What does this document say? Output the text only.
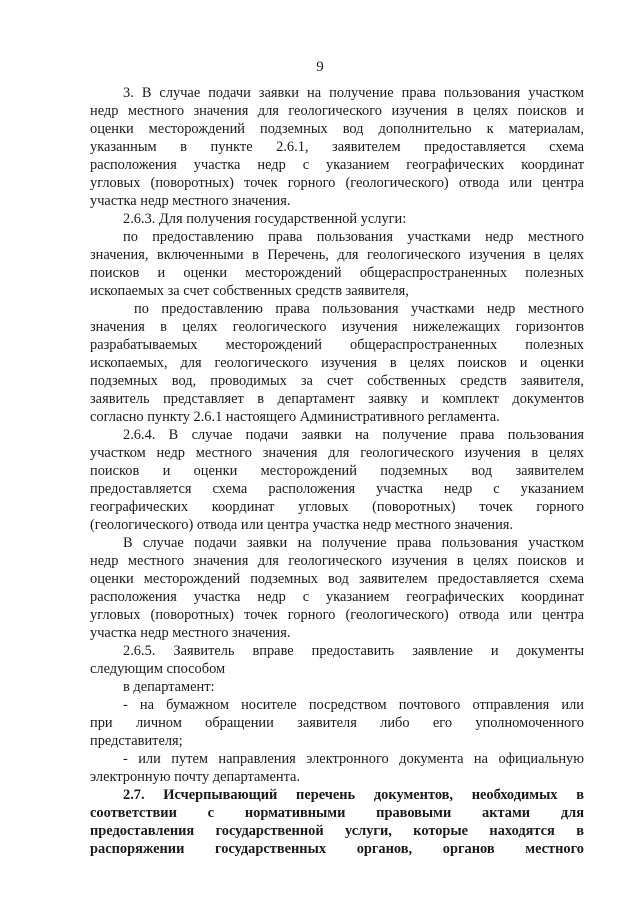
9
3. В случае подачи заявки на получение права пользования участком
недр местного значения для геологического изучения в целях поисков и
оценки месторождений подземных вод дополнительно к материалам,
указанным в пункте 2.6.1, заявителем предоставляется схема
расположения участка недр с указанием географических координат
угловых (поворотных) точек горного (геологического) отвода или центра
участка недр местного значения.
2.6.3. Для получения государственной услуги:
по предоставлению права пользования участками недр местного
значения, включенными в Перечень, для геологического изучения в целях
поисков и оценки месторождений общераспространенных полезных
ископаемых за счет собственных средств заявителя,
по предоставлению права пользования участками недр местного
значения в целях геологического изучения нижележащих горизонтов
разрабатываемых месторождений общераспространенных полезных
ископаемых, для геологического изучения в целях поисков и оценки
подземных вод, проводимых за счет собственных средств заявителя,
заявитель представляет в департамент заявку и комплект документов
согласно пункту 2.6.1 настоящего Административного регламента.
2.6.4. В случае подачи заявки на получение права пользования
участком недр местного значения для геологического изучения в целях
поисков и оценки месторождений подземных вод заявителем
предоставляется схема расположения участка недр с указанием
географических координат угловых (поворотных) точек горного
(геологического) отвода или центра участка недр местного значения.
В случае подачи заявки на получение права пользования участком
недр местного значения для геологического изучения в целях поисков и
оценки месторождений подземных вод заявителем предоставляется схема
расположения участка недр с указанием географических координат
угловых (поворотных) точек горного (геологического) отвода или центра
участка недр местного значения.
2.6.5. Заявитель вправе предоставить заявление и документы
следующим способом
в департамент:
- на бумажном носителе посредством почтового отправления или
при личном обращении заявителя либо его уполномоченного
представителя;
- или путем направления электронного документа на официальную
электронную почту департамента.
2.7. Исчерпывающий перечень документов, необходимых в
соответствии с нормативными правовыми актами для
предоставления государственной услуги, которые находятся в
распоряжении государственных органов, органов местного
